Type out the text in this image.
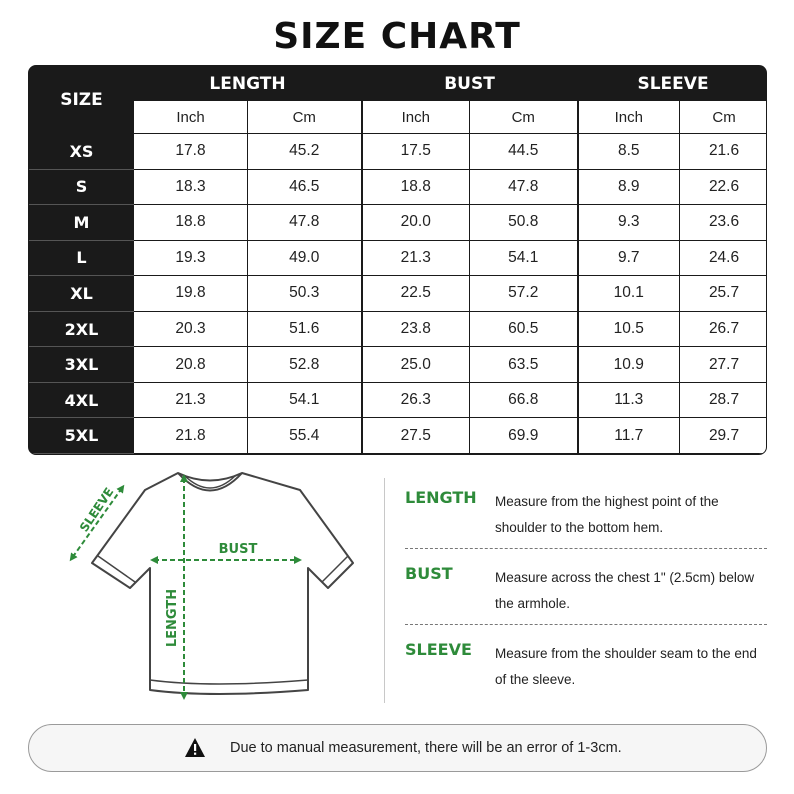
SIZE CHART
SIZE	LENGTH		BUST		SLEEVE	
	Inch	Cm	Inch	Cm	Inch	Cm
XS	17.8	45.2	17.5	44.5	8.5	21.6
S	18.3	46.5	18.8	47.8	8.9	22.6
M	18.8	47.8	20.0	50.8	9.3	23.6
L	19.3	49.0	21.3	54.1	9.7	24.6
XL	19.8	50.3	22.5	57.2	10.1	25.7
2XL	20.3	51.6	23.8	60.5	10.5	26.7
3XL	20.8	52.8	25.0	63.5	10.9	27.7
4XL	21.3	54.1	26.3	66.8	11.3	28.7
5XL	21.8	55.4	27.5	69.9	11.7	29.7
SLEEVE
BUST
LENGTH
LENGTH	Measure from the highest point of the shoulder to the bottom hem.
BUST	Measure across the chest 1" (2.5cm) below the armhole.
SLEEVE	Measure from the shoulder seam to the end of the sleeve.
Due to manual measurement, there will be an error of 1-3cm.
